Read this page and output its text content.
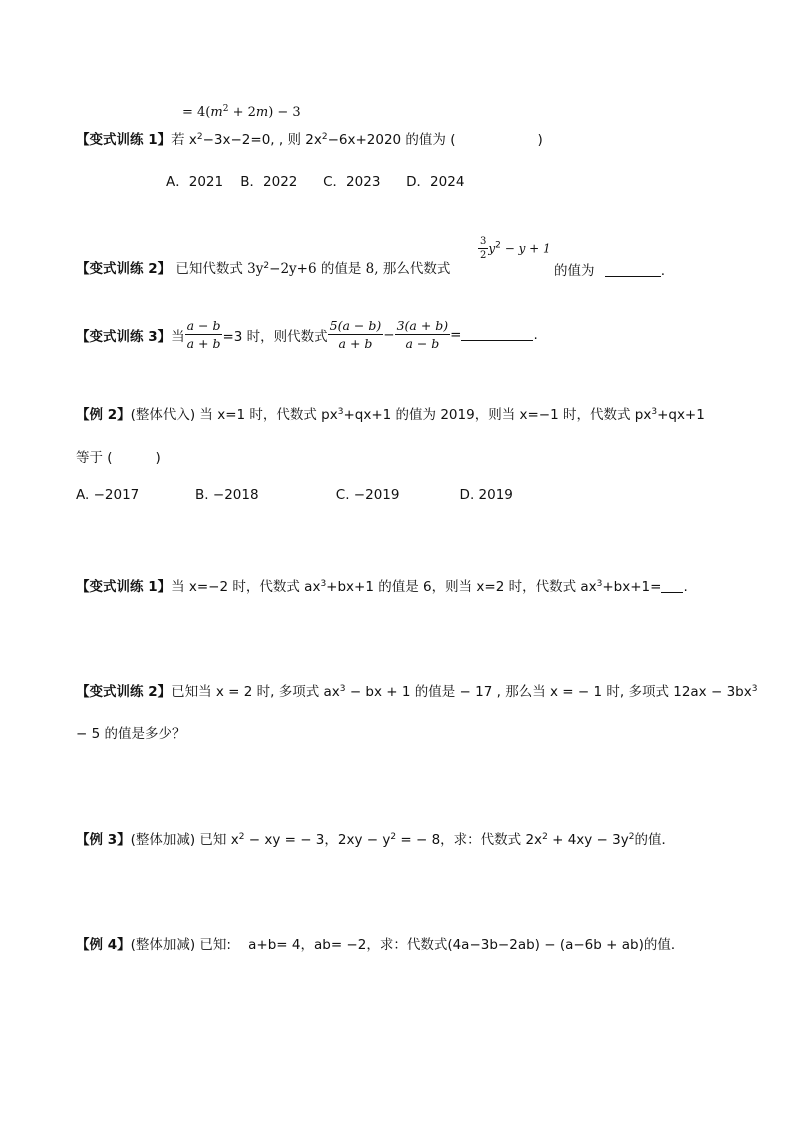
= $4(m^2 + 2m) - 3$
【变式训练 1】若 $x^2-3x-2=0$, , 则 $2x^2-6x+2020$ 的值为 (	)
A．2021    B．2022      C．2023      D．2024
【变式训练 2】 已知代数式 $3y^2-2y+6$ 的值是 8, 那么代数式
$\frac{3}{2} y^2 - y + 1$
的值为	.
【变式训练 3】 当 $\frac{a - b}{a + b} =3$ 时，则代数式 $\frac{5(a - b)}{a + b} - \frac{3(a + b)}{a - b}$ =	.
【例 2】(整体代入) 当 x=1 时，代数式 $px^3+qx+1$ 的值为 2019，则当 x=−1 时，代数式 $px^3+qx+1$
等于 (          )
A. −2017             B. −2018                  C. −2019              D. 2019
【变式训练 1】当 x=−2 时，代数式 $ax^3+bx+1$ 的值是 6，则当 x=2 时，代数式 $ax^3+bx+1=$ .
【变式训练 2】已知当 x = 2 时, 多项式 $ax^3$ − bx + 1 的值是 − 17 , 那么当 x = − 1 时, 多项式 $12ax - 3bx^3$
− 5 的值是多少？
【例 3】(整体加减) 已知 $x^2$ − xy = − 3，$2xy - y^2$ = − 8，求：代数式 $2x^2 + 4xy - 3y^2$的值．
【例 4】(整体加减) 已知:    a+b= 4，ab= −2，求：代数式(4a−3b−2ab) − (a−6b + ab)的值．
